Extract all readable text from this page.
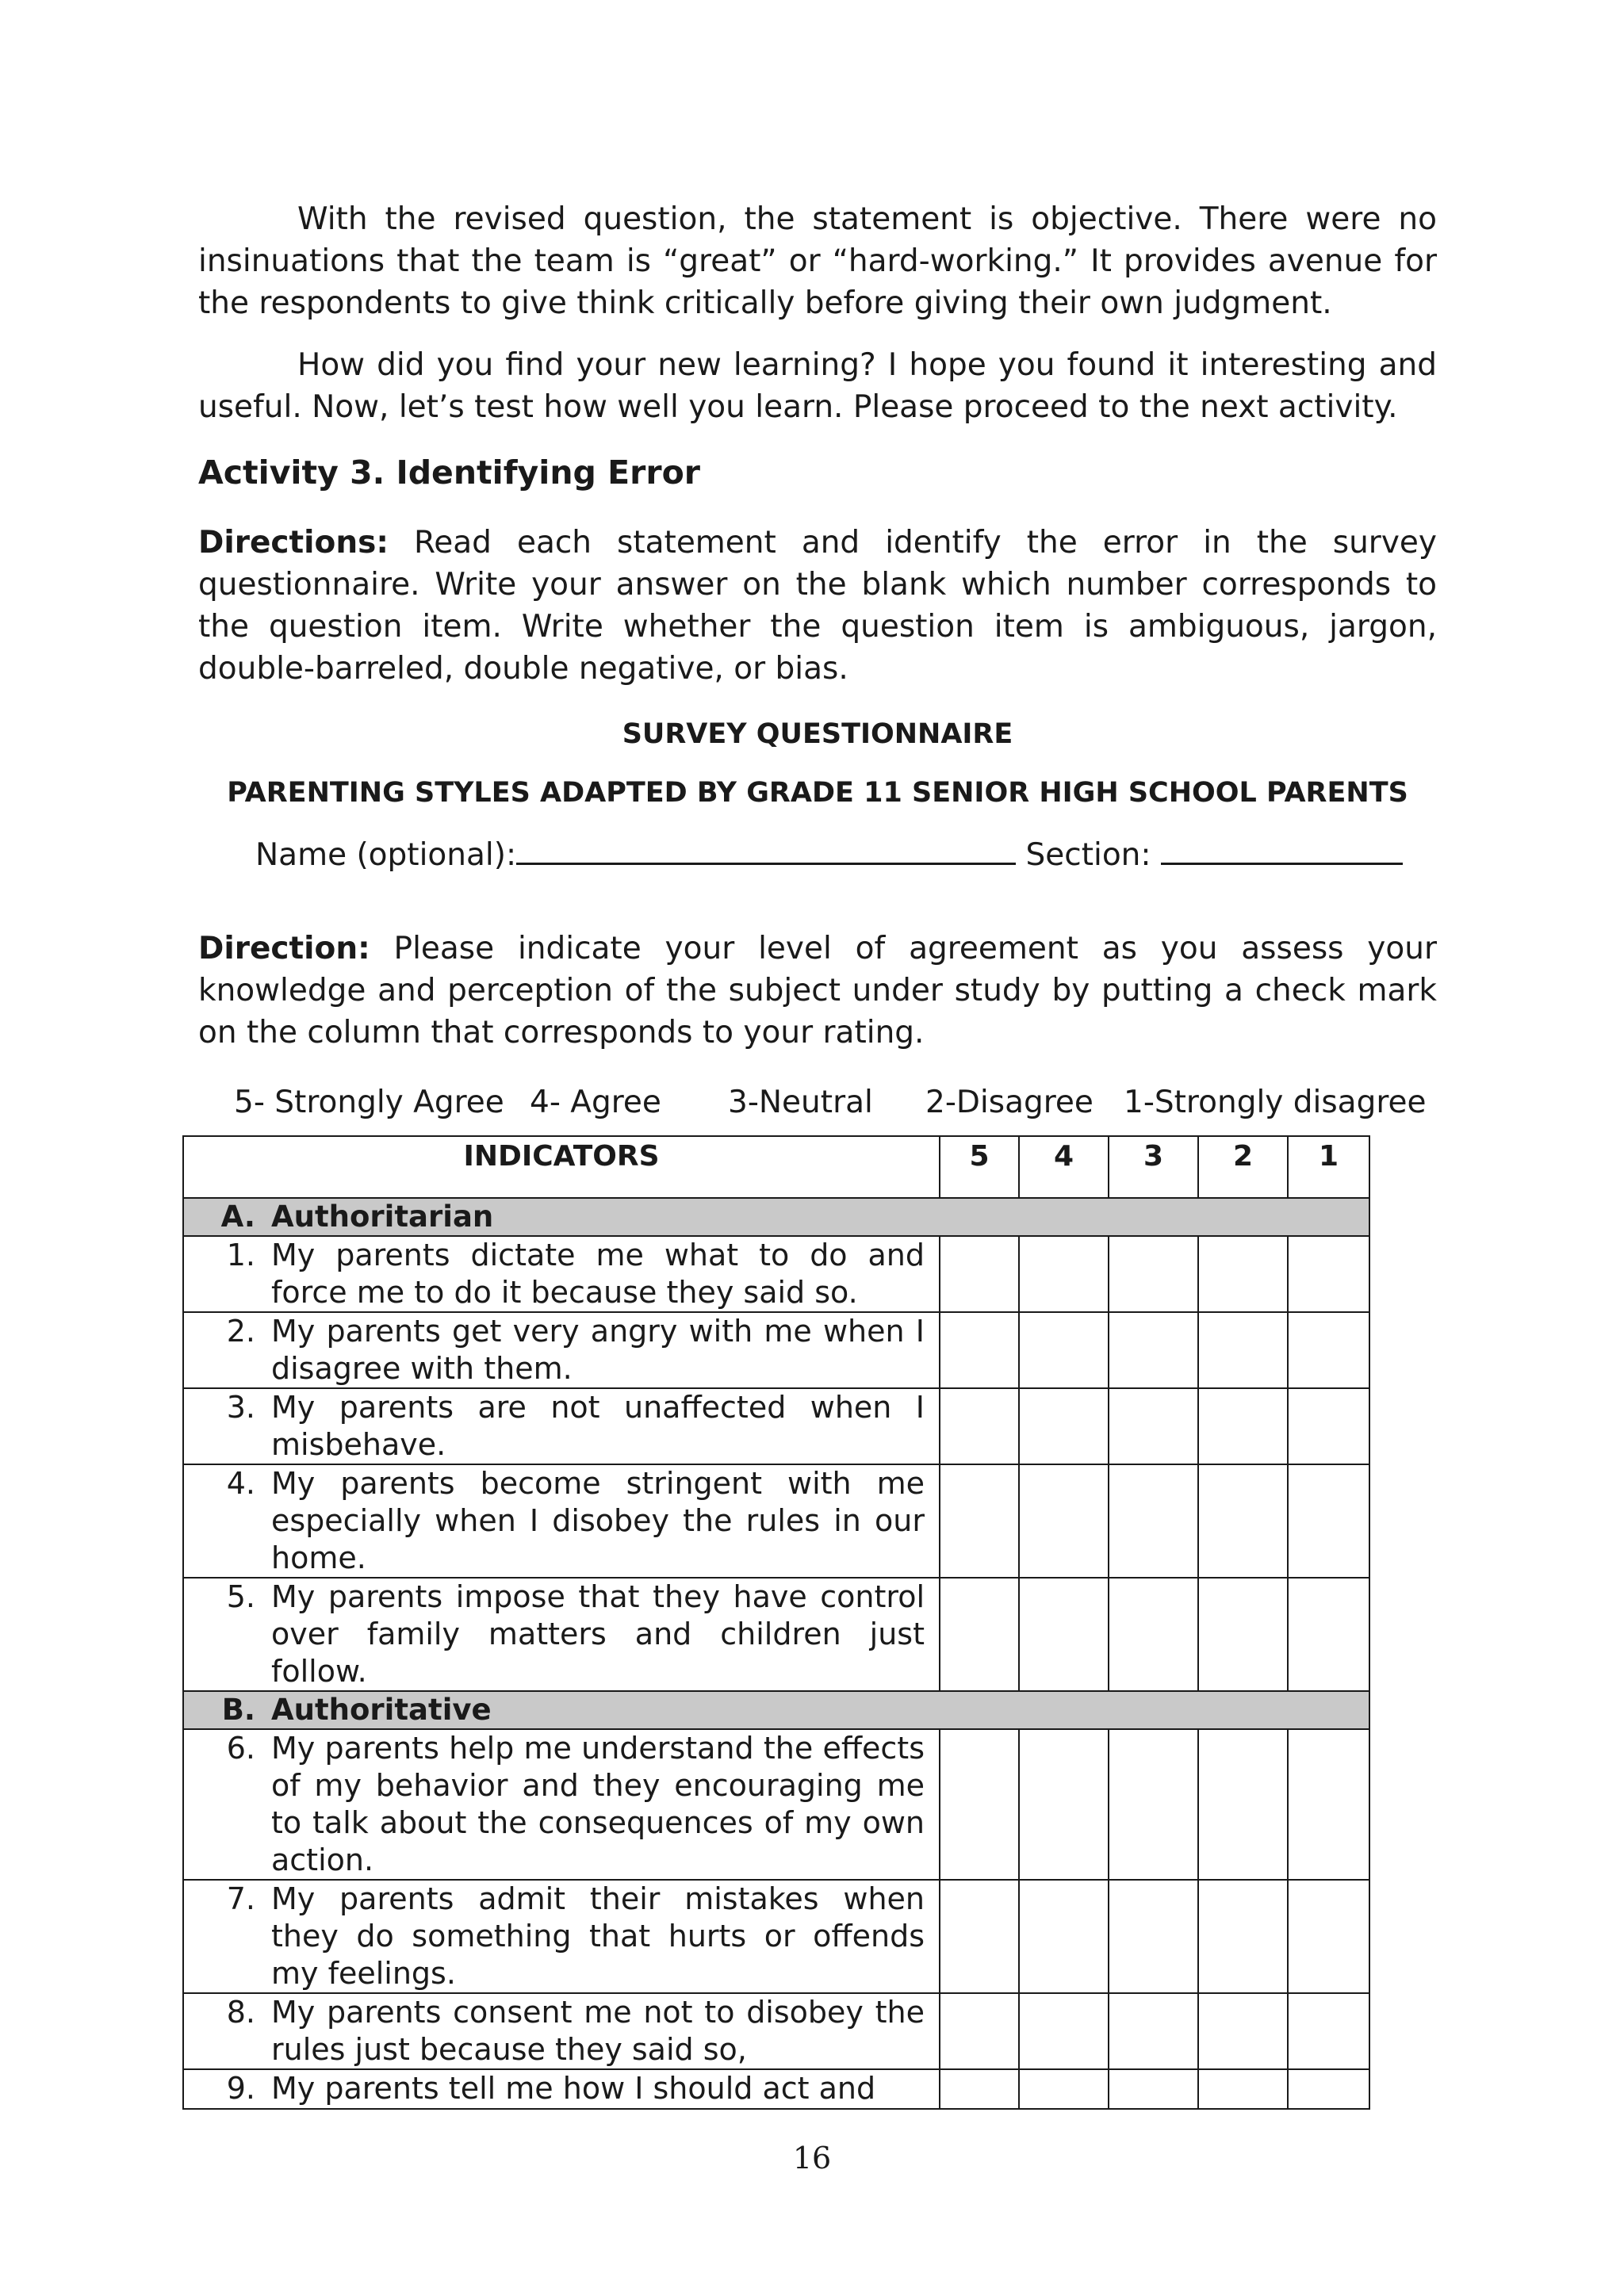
With the revised question, the statement is objective. There were no insinuations that the team is “great” or “hard-working.” It provides avenue for the respondents to give think critically before giving their own judgment.

How did you find your new learning? I hope you found it interesting and useful. Now, let’s test how well you learn. Please proceed to the next activity.

Activity 3. Identifying Error

Directions: Read each statement and identify the error in the survey questionnaire. Write your answer on the blank which number corresponds to the question item. Write whether the question item is ambiguous, jargon, double-barreled, double negative, or bias.

SURVEY QUESTIONNAIRE

PARENTING STYLES ADAPTED BY GRADE 11 SENIOR HIGH SCHOOL PARENTS

Name (optional):	Section:

Direction: Please indicate your level of agreement as you assess your knowledge and perception of the subject under study by putting a check mark on the column that corresponds to your rating.

5- Strongly Agree 4- Agree 3-Neutral 2-Disagree 1-Strongly disagree
INDICATORS	5	4	3	2	1

A. Authoritarian					

1. My parents dictate me what to do and force me to do it because they said so.					

2. My parents get very angry with me when I disagree with them.					

3. My parents are not unaffected when I misbehave.					

4. My parents become stringent with me especially when I disobey the rules in our home.					

5. My parents impose that they have control over family matters and children just follow.					

B. Authoritative					

6. My parents help me understand the effects of my behavior and they encouraging me to talk about the consequences of my own action.					

7. My parents admit their mistakes when they do something that hurts or offends my feelings.					

8. My parents consent me not to disobey the rules just because they said so,					

9. My parents tell me how I should act and					

16
